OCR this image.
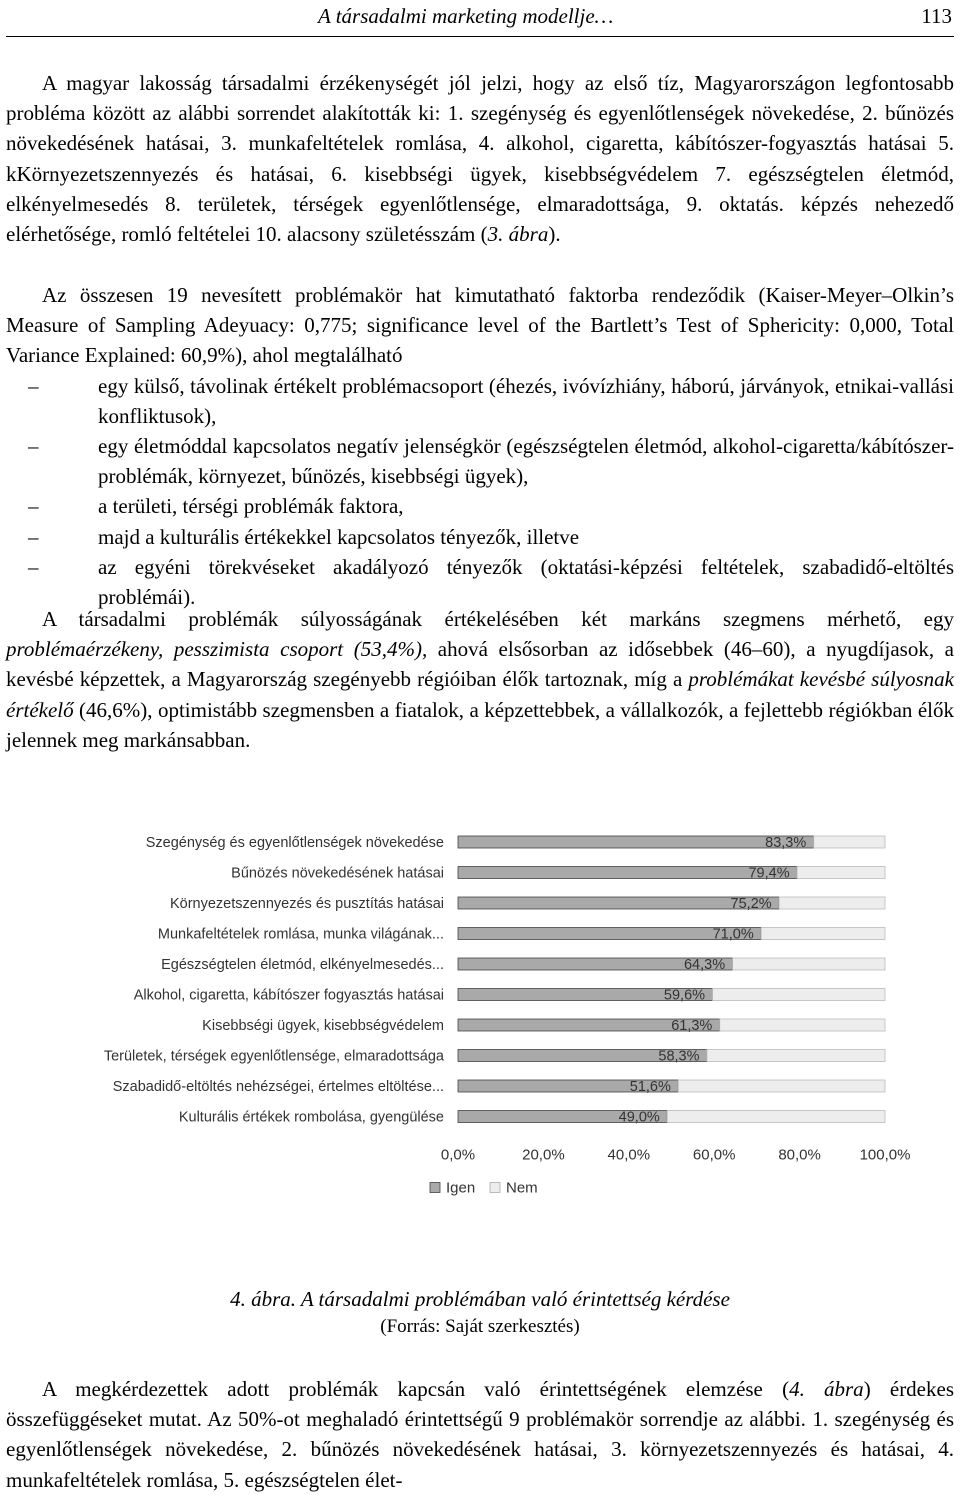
A társadalmi marketing modellje…	113
A magyar lakosság társadalmi érzékenységét jól jelzi, hogy az első tíz, Magyarországon legfontosabb probléma között az alábbi sorrendet alakították ki: 1. szegénység és egyenlőtlenségek növekedése, 2. bűnözés növekedésének hatásai, 3. munkafeltételek romlása, 4. alkohol, cigaretta, kábítószer-fogyasztás hatásai 5. kKörnyezetszennyezés és hatásai, 6. kisebbségi ügyek, kisebbségvédelem 7. egészségtelen életmód, elkényelmesedés 8. területek, térségek egyenlőtlensége, elmaradottsága, 9. oktatás. képzés nehezedő elérhetősége, romló feltételei 10. alacsony születésszám (3. ábra).
Az összesen 19 nevesített problémakör hat kimutatható faktorba rendeződik (Kaiser-Meyer–Olkin’s Measure of Sampling Adeyuacy: 0,775; significance level of the Bartlett’s Test of Sphericity: 0,000, Total Variance Explained: 60,9%), ahol megtalálható
–	egy külső, távolinak értékelt problémacsoport (éhezés, ivóvízhiány, háború, járványok, etnikai-vallási konfliktusok),
–	egy életmóddal kapcsolatos negatív jelenségkör (egészségtelen életmód, alkohol-cigaretta/kábítószer-problémák, környezet, bűnözés, kisebbségi ügyek),
–	a területi, térségi problémák faktora,
–	majd a kulturális értékekkel kapcsolatos tényezők, illetve
–	az egyéni törekvéseket akadályozó tényezők (oktatási-képzési feltételek, szabadidő-eltöltés problémái).
A társadalmi problémák súlyosságának értékelésében két markáns szegmens mérhető, egy problémaérzékeny, pesszimista csoport (53,4%), ahová elsősorban az idősebbek (46–60), a nyugdíjasok, a kevésbé képzettek, a Magyarország szegényebb régióiban élők tartoznak, míg a problémákat kevésbé súlyosnak értékelő (46,6%), optimistább szegmensben a fiatalok, a képzettebbek, a vállalkozók, a fejlettebb régiókban élők jelennek meg markánsabban.
Szegénység és egyenlőtlenségek növekedése	83,3%
Bűnözés növekedésének hatásai	79,4%
Környezetszennyezés és pusztítás hatásai	75,2%
Munkafeltételek romlása, munka világának...	71,0%
Egészségtelen életmód, elkényelmesedés...	64,3%
Alkohol, cigaretta, kábítószer fogyasztás hatásai	59,6%
Kisebbségi ügyek, kisebbségvédelem	61,3%
Területek, térségek egyenlőtlensége, elmaradottsága	58,3%
Szabadidő-eltöltés nehézségei, értelmes eltöltése...	51,6%
Kulturális értékek rombolása, gyengülése	49,0%
0,0%	20,0%	40,0%	60,0%	80,0%	100,0%
Igen Nem
4. ábra. A társadalmi problémában való érintettség kérdése
(Forrás: Saját szerkesztés)
A megkérdezettek adott problémák kapcsán való érintettségének elemzése (4. ábra) érdekes összefüggéseket mutat. Az 50%-ot meghaladó érintettségű 9 problémakör sorrendje az alábbi. 1. szegénység és egyenlőtlenségek növekedése, 2. bűnözés növekedésének hatásai, 3. környezetszennyezés és hatásai, 4. munkafeltételek romlása, 5. egészségtelen élet-
